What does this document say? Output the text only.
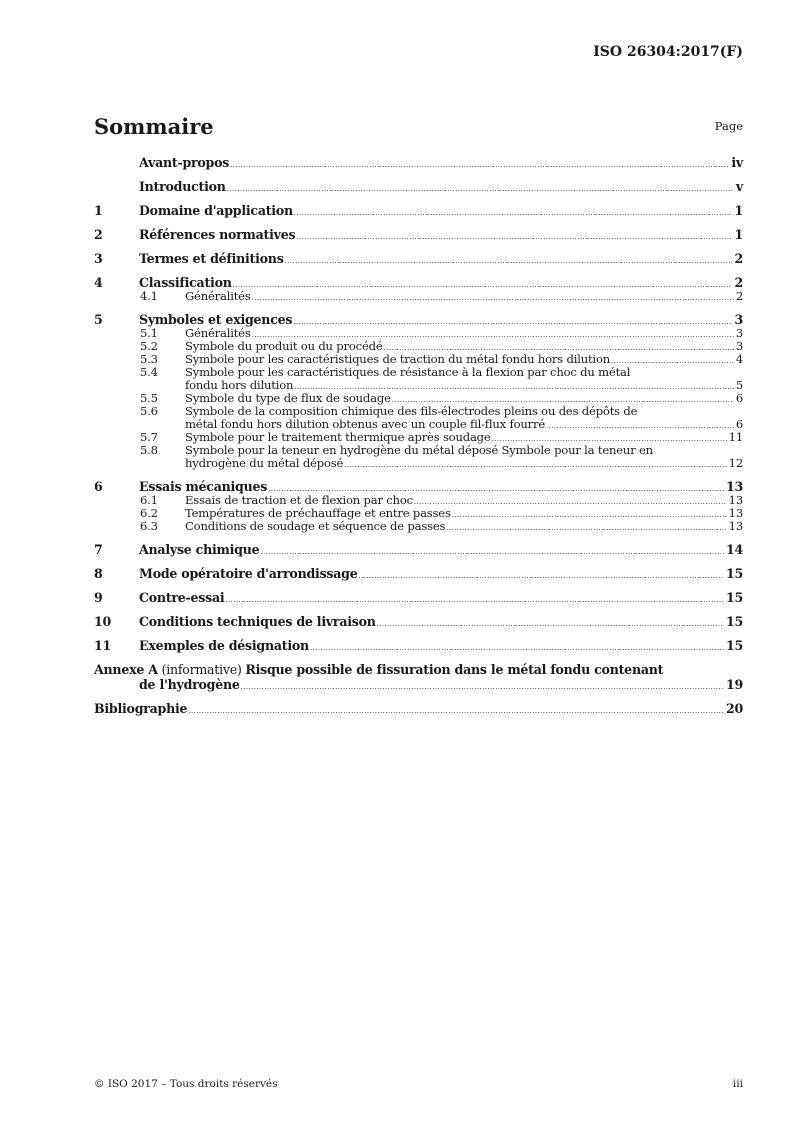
ISO 26304:2017(F)
Sommaire	Page
Avant-propos .....	iv
Introduction .....	v
1	Domaine d'application .....	1
2	Références normatives .....	1
3	Termes et définitions .....	2
4	Classification .....	2
4.1	Généralités .....	2
5	Symboles et exigences .....	3
5.1	Généralités .....	3
5.2	Symbole du produit ou du procédé .....	3
5.3	Symbole pour les caractéristiques de traction du métal fondu hors dilution .....	4
5.4	Symbole pour les caractéristiques de résistance à la flexion par choc du métal
fondu hors dilution .....	5
5.5	Symbole du type de flux de soudage .....	6
5.6	Symbole de la composition chimique des fils-électrodes pleins ou des dépôts de
métal fondu hors dilution obtenus avec un couple fil-flux fourré .....	6
5.7	Symbole pour le traitement thermique après soudage .....	11
5.8	Symbole pour la teneur en hydrogène du métal déposé Symbole pour la teneur en
hydrogène du métal déposé .....	12
6	Essais mécaniques .....	13
6.1	Essais de traction et de flexion par choc .....	13
6.2	Températures de préchauffage et entre passes .....	13
6.3	Conditions de soudage et séquence de passes .....	13
7	Analyse chimique .....	14
8	Mode opératoire d'arrondissage .....	15
9	Contre-essai .....	15
10	Conditions techniques de livraison .....	15
11	Exemples de désignation .....	15
Annexe A (informative) Risque possible de fissuration dans le métal fondu contenant
de l'hydrogène .....	19
Bibliographie .....	20
© ISO 2017 – Tous droits réservés	iii
